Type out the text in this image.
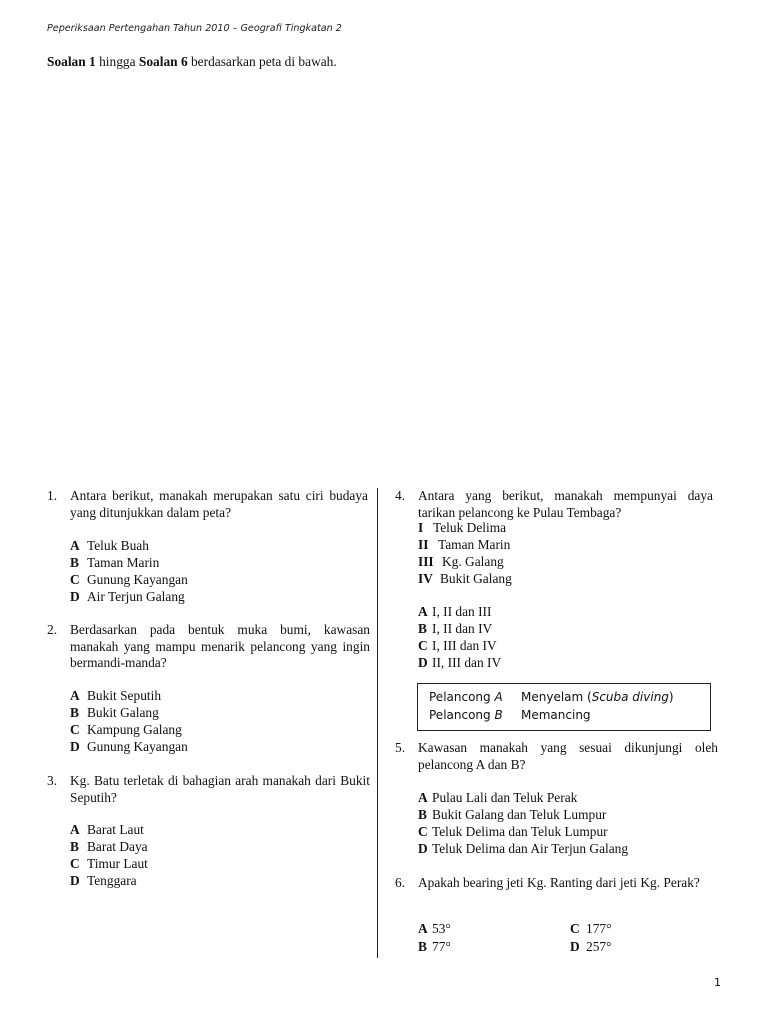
Peperiksaan Pertengahan Tahun 2010 – Geografi Tingkatan 2
Soalan 1 hingga Soalan 6 berdasarkan peta di bawah.
1. Antara berikut, manakah merupakan satu ciri budaya yang ditunjukkan dalam peta?
A Teluk Buah
B Taman Marin
C Gunung Kayangan
D Air Terjun Galang
2. Berdasarkan pada bentuk muka bumi, kawasan manakah yang mampu menarik pelancong yang ingin bermandi-manda?
A Bukit Seputih
B Bukit Galang
C Kampung Galang
D Gunung Kayangan
3. Kg. Batu terletak di bahagian arah manakah dari Bukit Seputih?
A Barat Laut
B Barat Daya
C Timur Laut
D Tenggara
4. Antara yang berikut, manakah mempunyai daya tarikan pelancong ke Pulau Tembaga?
I Teluk Delima
II Taman Marin
III Kg. Galang
IV Bukit Galang
A I, II dan III
B I, II dan IV
C I, III dan IV
D II, III dan IV
Pelancong A Menyelam (Scuba diving)
Pelancong B Memancing
5. Kawasan manakah yang sesuai dikunjungi oleh pelancong A dan B?
A Pulau Lali dan Teluk Perak
B Bukit Galang dan Teluk Lumpur
C Teluk Delima dan Teluk Lumpur
D Teluk Delima dan Air Terjun Galang
6. Apakah bearing jeti Kg. Ranting dari jeti Kg. Perak?
A 53°
B 77°
C 177°
D 257°
1
